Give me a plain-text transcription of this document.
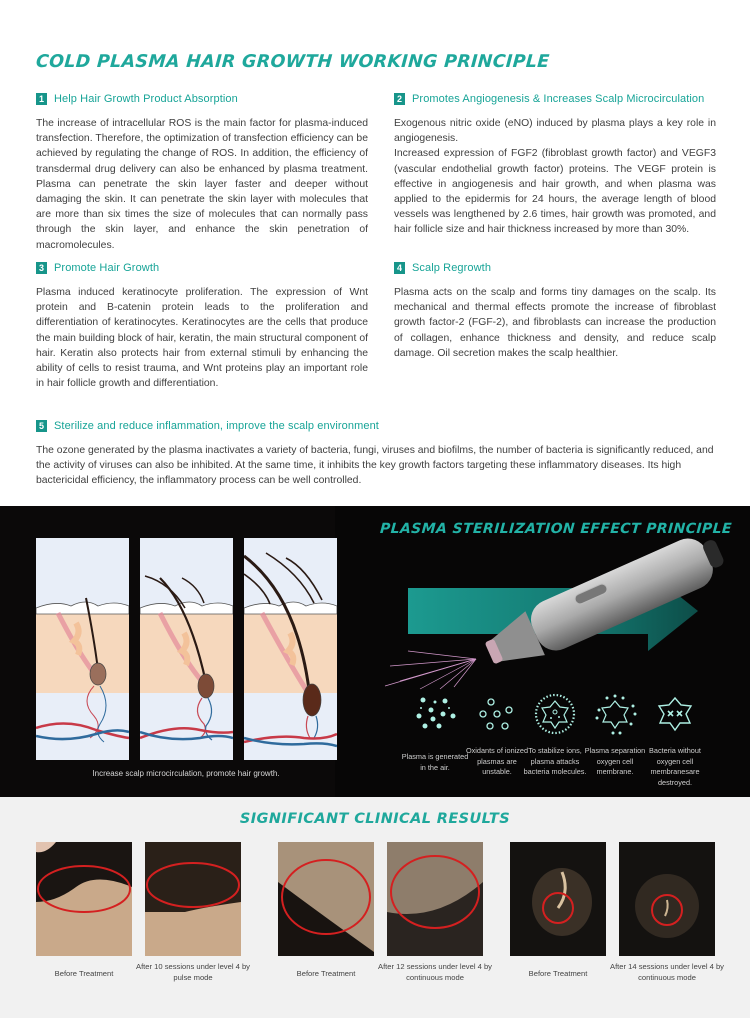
COLD PLASMA HAIR GROWTH WORKING PRINCIPLE
1 Help Hair Growth Product Absorption

The increase of intracellular ROS is the main factor for plasma-induced transfection. Therefore, the optimization of transfection efficiency can be achieved by regulating the change of ROS. In addition, the efficiency of transdermal drug delivery can also be enhanced by plasma treatment. Plasma can penetrate the skin layer faster and deeper without damaging the skin. It can penetrate the skin layer with molecules that are more than six times the size of molecules that can normally pass through the skin layer, and enhance the skin penetration of macromolecules.

2 Promotes Angiogenesis & Increases Scalp Microcirculation

Exogenous nitric oxide (eNO) induced by plasma plays a key role in angiogenesis.

Increased expression of FGF2 (fibroblast growth factor) and VEGF3 (vascular endothelial growth factor) proteins. The VEGF protein is effective in angiogenesis and hair growth, and when plasma was applied to the epidermis for 24 hours, the average length of blood vessels was lengthened by 2.6 times, hair growth was promoted, and hair follicle size and hair thickness increased by more than 30%.

3 Promote Hair Growth

Plasma induced keratinocyte proliferation. The expression of Wnt protein and B-catenin protein leads to the proliferation and differentiation of keratinocytes. Keratinocytes are the cells that produce the main building block of hair, keratin, the main structural component of hair. Keratin also protects hair from external stimuli by enhancing the ability of cells to resist trauma, and Wnt proteins play an important role in hair follicle growth and differentiation.

4 Scalp Regrowth

Plasma acts on the scalp and forms tiny damages on the scalp. Its mechanical and thermal effects promote the increase of fibroblast growth factor-2 (FGF-2), and fibroblasts can increase the production of collagen, enhance thickness and density, and reduce scalp damage. Oil secretion makes the scalp healthier.

5 Sterilize and reduce inflammation, improve the scalp environment

The ozone generated by the plasma inactivates a variety of bacteria, fungi, viruses and biofilms, the number of bacteria is significantly reduced, and the activity of viruses can also be inhibited. At the same time, it inhibits the key growth factors targeting these inflammatory diseases. Its high bactericidal efficiency, the inflammatory process can be well controlled.

Increase scalp microcirculation, promote hair growth.
PLASMA STERILIZATION EFFECT PRINCIPLE
Plasma is generated in the air.
Oxidants of ionized plasmas are unstable.
To stabilize ions, plasma attacks bacteria molecules.
Plasma separation oxygen cell membrane.
Bacteria without oxygen cell membranesare destroyed.
SIGNIFICANT CLINICAL RESULTS
Before Treatment
After 10 sessions under level 4 by pulse mode	Before Treatment
After 12 sessions under level 4 by continuous mode	Before Treatment
After 14 sessions under level 4 by continuous mode
